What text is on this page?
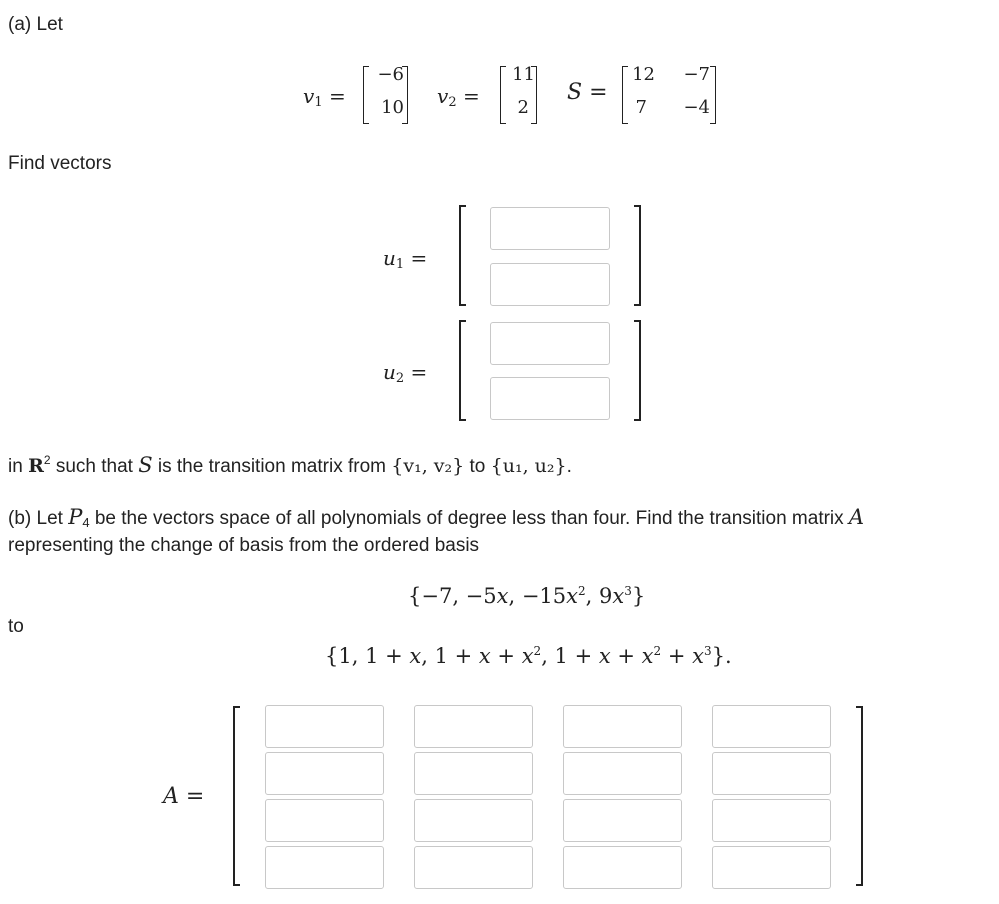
(a) Let
$v_1$ =
−6
10 $v_2$ =
11
2
S =
12	−7
7	−4
Find vectors
$u_1$ =
$u_2$ =
in $R^2$ such that S is the transition matrix from {v₁, v₂} to {u₁, u₂}.
(b) Let $P_4$ be the vectors space of all polynomials of degree less than four. Find the transition matrix A
representing the change of basis from the ordered basis
{−7, −5x, $-15x^2$, $9x^3$}
to
{1, 1 + x, $1 + x + x^2$, $1 + x + x^2 + x^3$}.
A =
